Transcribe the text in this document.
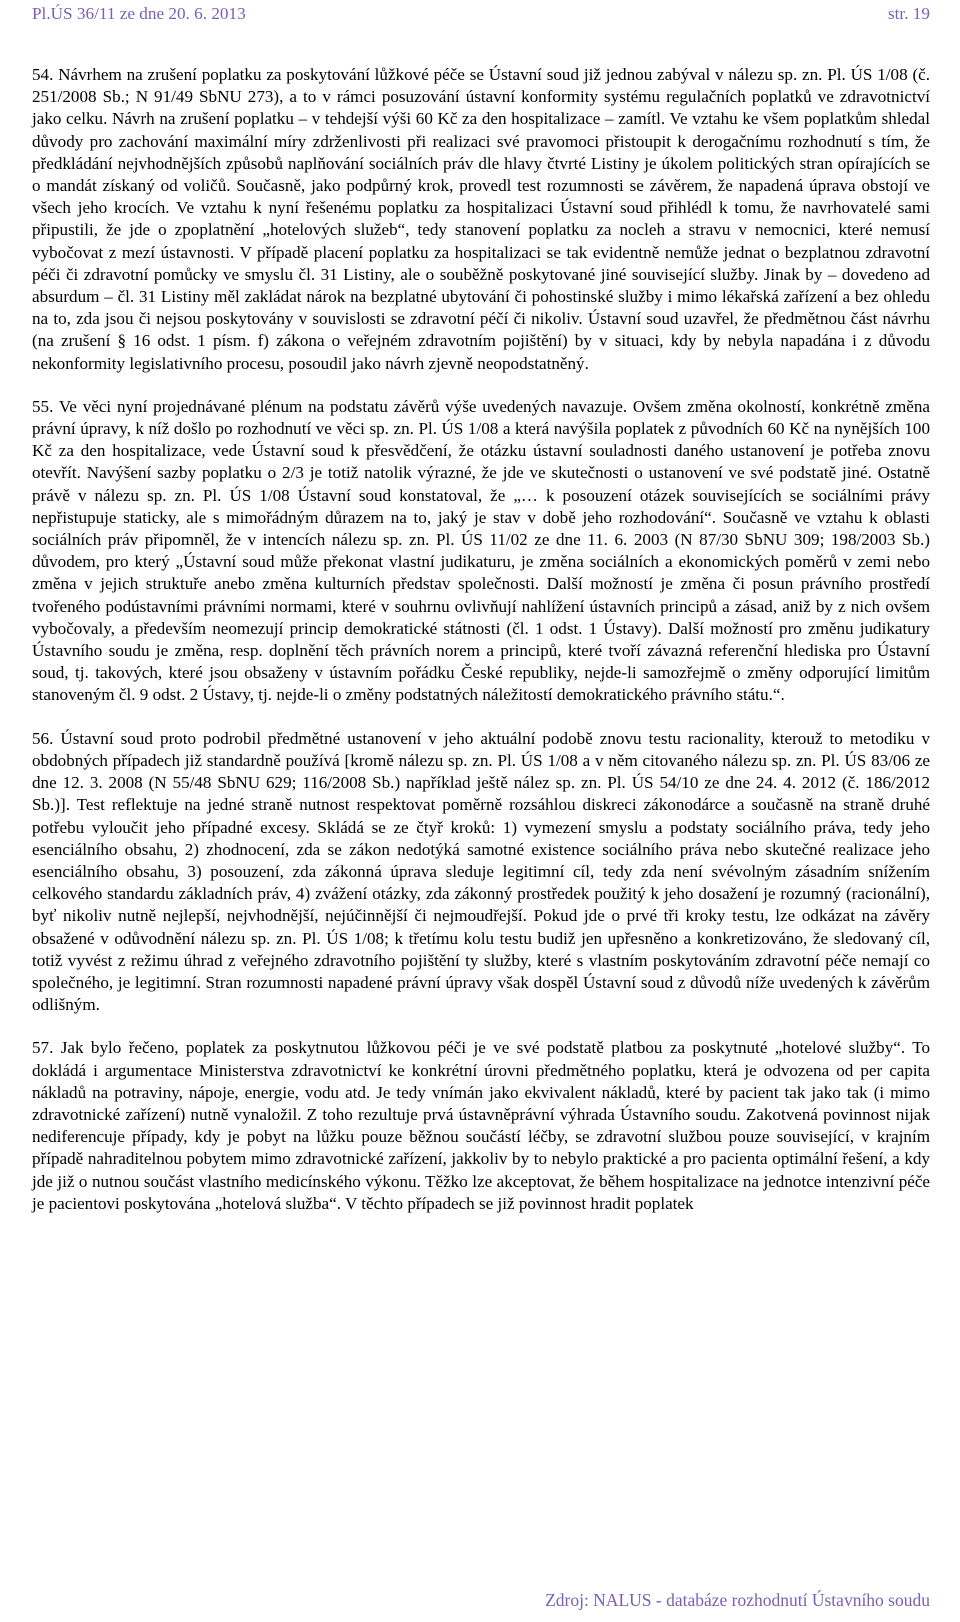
Pl.ÚS 36/11 ze dne 20. 6. 2013	str. 19

54. Návrhem na zrušení poplatku za poskytování lůžkové péče se Ústavní soud již jednou zabýval v nálezu sp. zn. Pl. ÚS 1/08 (č. 251/2008 Sb.; N 91/49 SbNU 273), a to v rámci posuzování ústavní konformity systému regulačních poplatků ve zdravotnictví jako celku. Návrh na zrušení poplatku – v tehdejší výši 60 Kč za den hospitalizace – zamítl. Ve vztahu ke všem poplatkům shledal důvody pro zachování maximální míry zdrženlivosti při realizaci své pravomoci přistoupit k derogačnímu rozhodnutí s tím, že předkládání nejvhodnějších způsobů naplňování sociálních práv dle hlavy čtvrté Listiny je úkolem politických stran opírajících se o mandát získaný od voličů. Současně, jako podpůrný krok, provedl test rozumnosti se závěrem, že napadená úprava obstojí ve všech jeho krocích. Ve vztahu k nyní řešenému poplatku za hospitalizaci Ústavní soud přihlédl k tomu, že navrhovatelé sami připustili, že jde o zpoplatnění „hotelových služeb“, tedy stanovení poplatku za nocleh a stravu v nemocnici, které nemusí vybočovat z mezí ústavnosti. V případě placení poplatku za hospitalizaci se tak evidentně nemůže jednat o bezplatnou zdravotní péči či zdravotní pomůcky ve smyslu čl. 31 Listiny, ale o souběžně poskytované jiné související služby. Jinak by – dovedeno ad absurdum – čl. 31 Listiny měl zakládat nárok na bezplatné ubytování či pohostinské služby i mimo lékařská zařízení a bez ohledu na to, zda jsou či nejsou poskytovány v souvislosti se zdravotní péčí či nikoliv. Ústavní soud uzavřel, že předmětnou část návrhu (na zrušení § 16 odst. 1 písm. f) zákona o veřejném zdravotním pojištění) by v situaci, kdy by nebyla napadána i z důvodu nekonformity legislativního procesu, posoudil jako návrh zjevně neopodstatněný.

55. Ve věci nyní projednávané plénum na podstatu závěrů výše uvedených navazuje. Ovšem změna okolností, konkrétně změna právní úpravy, k níž došlo po rozhodnutí ve věci sp. zn. Pl. ÚS 1/08 a která navýšila poplatek z původních 60 Kč na nynějších 100 Kč za den hospitalizace, vede Ústavní soud k přesvědčení, že otázku ústavní souladnosti daného ustanovení je potřeba znovu otevřít. Navýšení sazby poplatku o 2/3 je totiž natolik výrazné, že jde ve skutečnosti o ustanovení ve své podstatě jiné. Ostatně právě v nálezu sp. zn. Pl. ÚS 1/08 Ústavní soud konstatoval, že „… k posouzení otázek souvisejících se sociálními právy nepřistupuje staticky, ale s mimořádným důrazem na to, jaký je stav v době jeho rozhodování“. Současně ve vztahu k oblasti sociálních práv připomněl, že v intencích nálezu sp. zn. Pl. ÚS 11/02 ze dne 11. 6. 2003 (N 87/30 SbNU 309; 198/2003 Sb.) důvodem, pro který „Ústavní soud může překonat vlastní judikaturu, je změna sociálních a ekonomických poměrů v zemi nebo změna v jejich struktuře anebo změna kulturních představ společnosti. Další možností je změna či posun právního prostředí tvořeného podústavními právními normami, které v souhrnu ovlivňují nahlížení ústavních principů a zásad, aniž by z nich ovšem vybočovaly, a především neomezují princip demokratické státnosti (čl. 1 odst. 1 Ústavy). Další možností pro změnu judikatury Ústavního soudu je změna, resp. doplnění těch právních norem a principů, které tvoří závazná referenční hlediska pro Ústavní soud, tj. takových, které jsou obsaženy v ústavním pořádku České republiky, nejde-li samozřejmě o změny odporující limitům stanoveným čl. 9 odst. 2 Ústavy, tj. nejde-li o změny podstatných náležitostí demokratického právního státu.“.

56. Ústavní soud proto podrobil předmětné ustanovení v jeho aktuální podobě znovu testu racionality, kterouž to metodiku v obdobných případech již standardně používá [kromě nálezu sp. zn. Pl. ÚS 1/08 a v něm citovaného nálezu sp. zn. Pl. ÚS 83/06 ze dne 12. 3. 2008 (N 55/48 SbNU 629; 116/2008 Sb.) například ještě nález sp. zn. Pl. ÚS 54/10 ze dne 24. 4. 2012 (č. 186/2012 Sb.)]. Test reflektuje na jedné straně nutnost respektovat poměrně rozsáhlou diskreci zákonodárce a současně na straně druhé potřebu vyloučit jeho případné excesy. Skládá se ze čtyř kroků: 1) vymezení smyslu a podstaty sociálního práva, tedy jeho esenciálního obsahu, 2) zhodnocení, zda se zákon nedotýká samotné existence sociálního práva nebo skutečné realizace jeho esenciálního obsahu, 3) posouzení, zda zákonná úprava sleduje legitimní cíl, tedy zda není svévolným zásadním snížením celkového standardu základních práv, 4) zvážení otázky, zda zákonný prostředek použitý k jeho dosažení je rozumný (racionální), byť nikoliv nutně nejlepší, nejvhodnější, nejúčinnější či nejmoudřejší. Pokud jde o prvé tři kroky testu, lze odkázat na závěry obsažené v odůvodnění nálezu sp. zn. Pl. ÚS 1/08; k třetímu kolu testu budiž jen upřesněno a konkretizováno, že sledovaný cíl, totiž vyvést z režimu úhrad z veřejného zdravotního pojištění ty služby, které s vlastním poskytováním zdravotní péče nemají co společného, je legitimní. Stran rozumnosti napadené právní úpravy však dospěl Ústavní soud z důvodů níže uvedených k závěrům odlišným.

57. Jak bylo řečeno, poplatek za poskytnutou lůžkovou péči je ve své podstatě platbou za poskytnuté „hotelové služby“. To dokládá i argumentace Ministerstva zdravotnictví ke konkrétní úrovni předmětného poplatku, která je odvozena od per capita nákladů na potraviny, nápoje, energie, vodu atd. Je tedy vnímán jako ekvivalent nákladů, které by pacient tak jako tak (i mimo zdravotnické zařízení) nutně vynaložil. Z toho rezultuje prvá ústavněprávní výhrada Ústavního soudu. Zakotvená povinnost nijak nediferencuje případy, kdy je pobyt na lůžku pouze běžnou součástí léčby, se zdravotní službou pouze související, v krajním případě nahraditelnou pobytem mimo zdravotnické zařízení, jakkoliv by to nebylo praktické a pro pacienta optimální řešení, a kdy jde již o nutnou součást vlastního medicínského výkonu. Těžko lze akceptovat, že během hospitalizace na jednotce intenzivní péče je pacientovi poskytována „hotelová služba“. V těchto případech se již povinnost hradit poplatek

Zdroj: NALUS - databáze rozhodnutí Ústavního soudu
